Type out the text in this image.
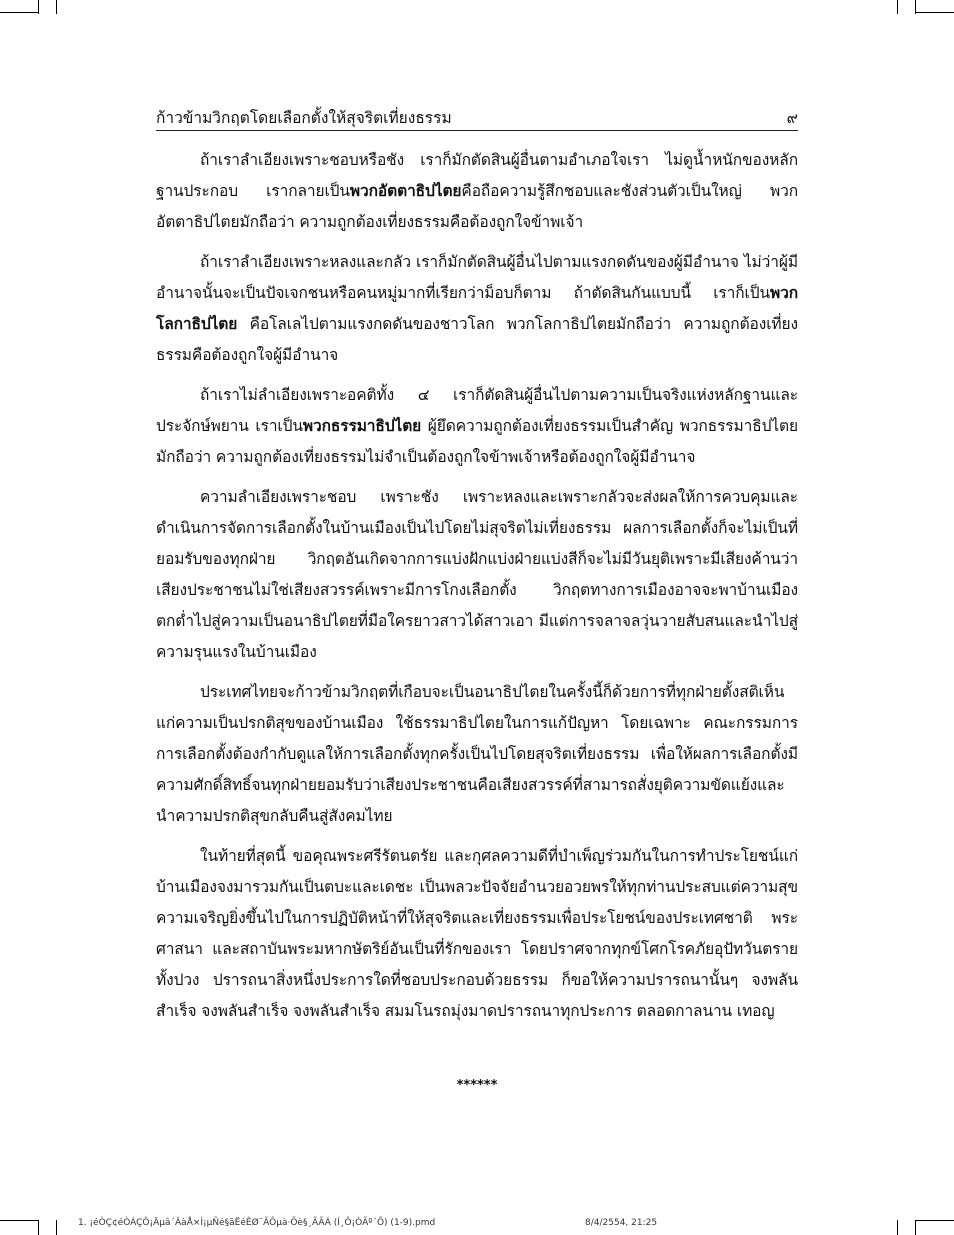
ก้าวข้ามวิกฤตโดยเลือกตั้งให้สุจริตเที่ยงธรรม	๙

ถ้าเราลำเอียงเพราะชอบหรือชัง เราก็มักตัดสินผู้อื่นตามอำเภอใจเรา ไม่ดูน้ำหนักของหลักฐานประกอบ เรากลายเป็นพวกอัตตาธิปไตยคือถือความรู้สึกชอบและชังส่วนตัวเป็นใหญ่ พวกอัตตาธิปไตยมักถือว่า ความถูกต้องเที่ยงธรรมคือต้องถูกใจข้าพเจ้า

ถ้าเราลำเอียงเพราะหลงและกลัว เราก็มักตัดสินผู้อื่นไปตามแรงกดดันของผู้มีอำนาจ ไม่ว่าผู้มีอำนาจนั้นจะเป็นปัจเจกชนหรือคนหมู่มากที่เรียกว่าม็อบก็ตาม ถ้าตัดสินกันแบบนี้ เราก็เป็นพวกโลกาธิปไตย คือโลเลไปตามแรงกดดันของชาวโลก พวกโลกาธิปไตยมักถือว่า ความถูกต้องเที่ยงธรรมคือต้องถูกใจผู้มีอำนาจ

ถ้าเราไม่ลำเอียงเพราะอคติทั้ง ๔ เราก็ตัดสินผู้อื่นไปตามความเป็นจริงแห่งหลักฐานและประจักษ์พยาน เราเป็นพวกธรรมาธิปไตย ผู้ยึดความถูกต้องเที่ยงธรรมเป็นสำคัญ พวกธรรมาธิปไตยมักถือว่า ความถูกต้องเที่ยงธรรมไม่จำเป็นต้องถูกใจข้าพเจ้าหรือต้องถูกใจผู้มีอำนาจ

ความลำเอียงเพราะชอบ เพราะชัง เพราะหลงและเพราะกลัวจะส่งผลให้การควบคุมและดำเนินการจัดการเลือกตั้งในบ้านเมืองเป็นไปโดยไม่สุจริตไม่เที่ยงธรรม ผลการเลือกตั้งก็จะไม่เป็นที่ยอมรับของทุกฝ่าย วิกฤตอันเกิดจากการแบ่งฝักแบ่งฝ่ายแบ่งสีก็จะไม่มีวันยุติเพราะมีเสียงค้านว่าเสียงประชาชนไม่ใช่เสียงสวรรค์เพราะมีการโกงเลือกตั้ง วิกฤตทางการเมืองอาจจะพาบ้านเมืองตกต่ำไปสู่ความเป็นอนาธิปไตยที่มือใครยาวสาวได้สาวเอา มีแต่การจลาจลวุ่นวายสับสนและนำไปสู่ความรุนแรงในบ้านเมือง

ประเทศไทยจะก้าวข้ามวิกฤตที่เกือบจะเป็นอนาธิปไตยในครั้งนี้ก็ด้วยการที่ทุกฝ่ายตั้งสติเห็นแก่ความเป็นปรกติสุขของบ้านเมือง ใช้ธรรมาธิปไตยในการแก้ปัญหา โดยเฉพาะ คณะกรรมการการเลือกตั้งต้องกำกับดูแลให้การเลือกตั้งทุกครั้งเป็นไปโดยสุจริตเที่ยงธรรม เพื่อให้ผลการเลือกตั้งมีความศักดิ์สิทธิ์จนทุกฝ่ายยอมรับว่าเสียงประชาชนคือเสียงสวรรค์ที่สามารถสั่งยุติความขัดแย้งและนำความปรกติสุขกลับคืนสู่สังคมไทย

ในท้ายที่สุดนี้ ขอคุณพระศรีรัตนตรัย และกุศลความดีที่บำเพ็ญร่วมกันในการทำประโยชน์แก่บ้านเมืองจงมารวมกันเป็นตบะและเดชะ เป็นพลวะปัจจัยอำนวยอวยพรให้ทุกท่านประสบแต่ความสุขความเจริญยิ่งขึ้นไปในการปฏิบัติหน้าที่ให้สุจริตและเที่ยงธรรมเพื่อประโยชน์ของประเทศชาติ พระศาสนา และสถาบันพระมหากษัตริย์อันเป็นที่รักของเรา โดยปราศจากทุกข์โศกโรคภัยอุปัทวันตรายทั้งปวง ปรารถนาสิ่งหนึ่งประการใดที่ชอบประกอบด้วยธรรม ก็ขอให้ความปรารถนานั้นๆ จงพลันสำเร็จ จงพลันสำเร็จ จงพลันสำเร็จ สมมโนรถมุ่งมาดปรารถนาทุกประการ ตลอดกาลนาน เทอญ

******
1. ¡éÒÇ¢éÒÁÇÔ¡Äµâ´ÂàÅ×Í¡µÑé§ãËéÊØ¨ÃÔµà·Õè§¸ÃÃÁ (Í¸Ô¡ÒÃº´Õ) (1-9).pmd	8/4/2554, 21:25
